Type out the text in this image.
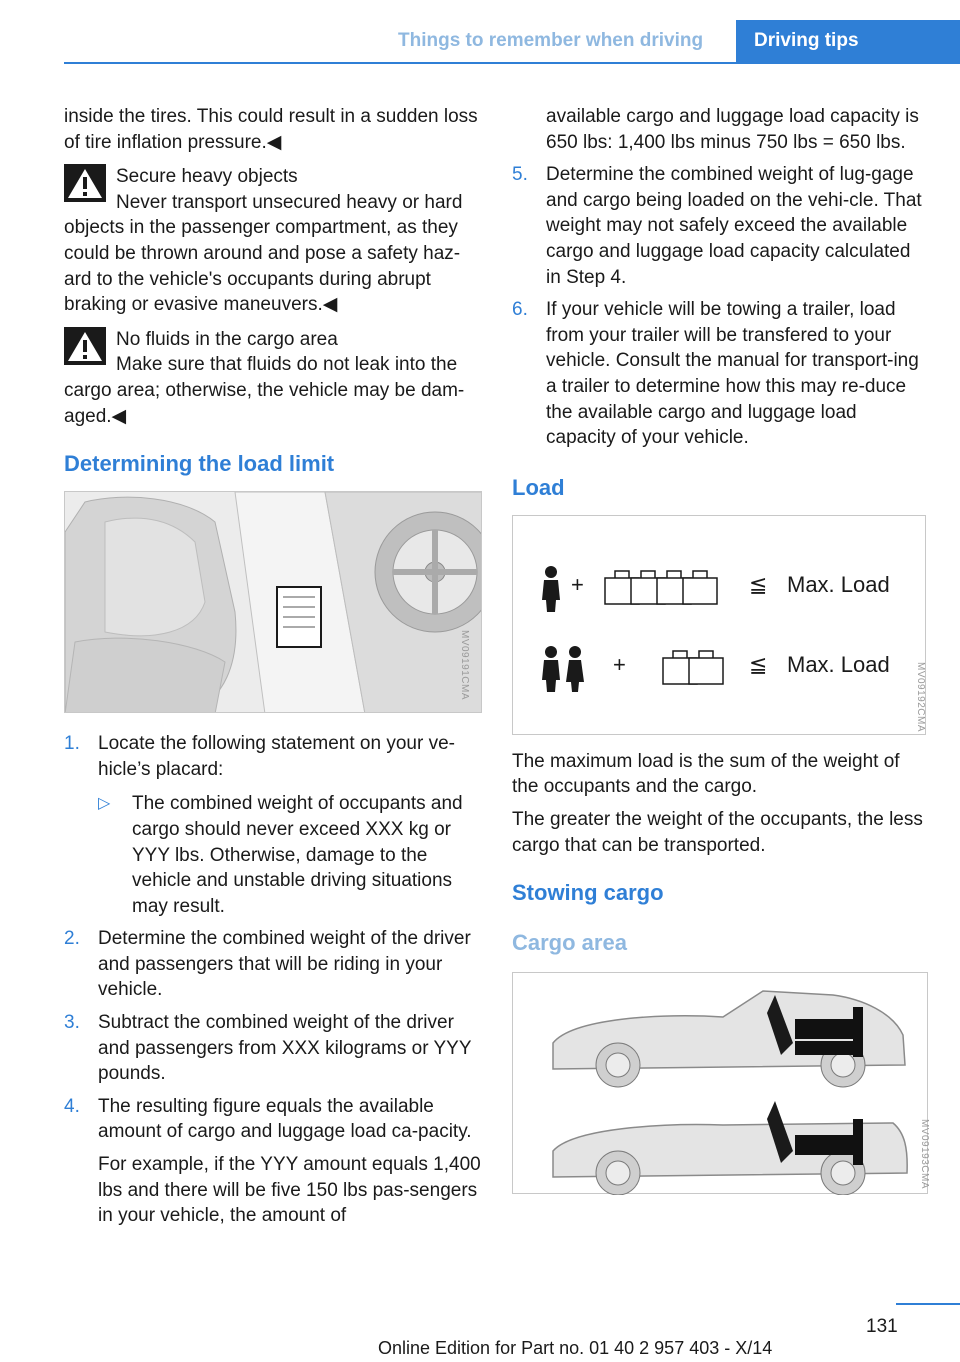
Things to remember when driving	Driving tips

inside the tires. This could result in a sudden loss of tire inflation pressure.◀

Secure heavy objects

Never transport unsecured heavy or hard objects in the passenger compartment, as they could be thrown around and pose a safety haz‐ard to the vehicle's occupants during abrupt braking or evasive maneuvers.◀

No fluids in the cargo area

Make sure that fluids do not leak into the cargo area; otherwise, the vehicle may be dam‐aged.◀

Determining the load limit
MV09191CMA
1. Locate the following statement on your ve‐hicle’s placard:

▷ The combined weight of occupants and cargo should never exceed XXX kg or YYY lbs. Otherwise, damage to the vehicle and unstable driving situations may result.

2. Determine the combined weight of the driver and passengers that will be riding in your vehicle.

3. Subtract the combined weight of the driver and passengers from XXX kilograms or YYY pounds.

4. The resulting figure equals the available amount of cargo and luggage load ca‐pacity.

For example, if the YYY amount equals 1,400 lbs and there will be five 150 lbs pas‐sengers in your vehicle, the amount of

available cargo and luggage load capacity is 650 lbs: 1,400 lbs minus 750 lbs = 650 lbs.

5. Determine the combined weight of lug‐gage and cargo being loaded on the vehi‐cle. That weight may not safely exceed the available cargo and luggage load capacity calculated in Step 4.

6. If your vehicle will be towing a trailer, load from your trailer will be transfered to your vehicle. Consult the manual for transport‐ing a trailer to determine how this may re‐duce the available cargo and luggage load capacity of your vehicle.

Load
+	≦ Max. Load
+	≦ Max. Load	MV09192CMA

The maximum load is the sum of the weight of the occupants and the cargo.

The greater the weight of the occupants, the less cargo that can be transported.

Stowing cargo
Cargo area
MV09193CMA
131
Online Edition for Part no. 01 40 2 957 403 - X/14
